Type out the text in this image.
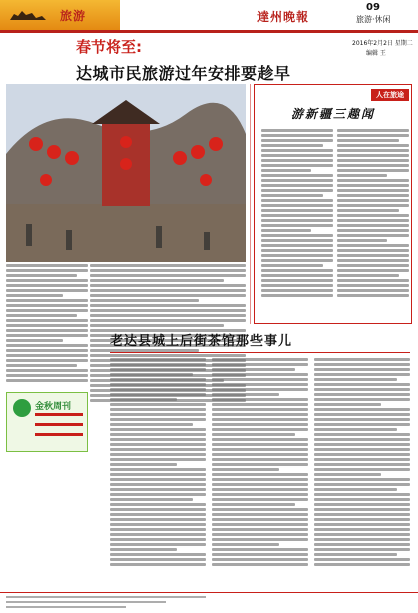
旅游	達州晚報
09
旅游·休闲
春节将至:
达城市民旅游过年安排要趁早
2016年2月2日 星期二
编辑 王
金秋周刊
人在旅途
游新疆三趣闻
老达县城上后街茶馆那些事儿
